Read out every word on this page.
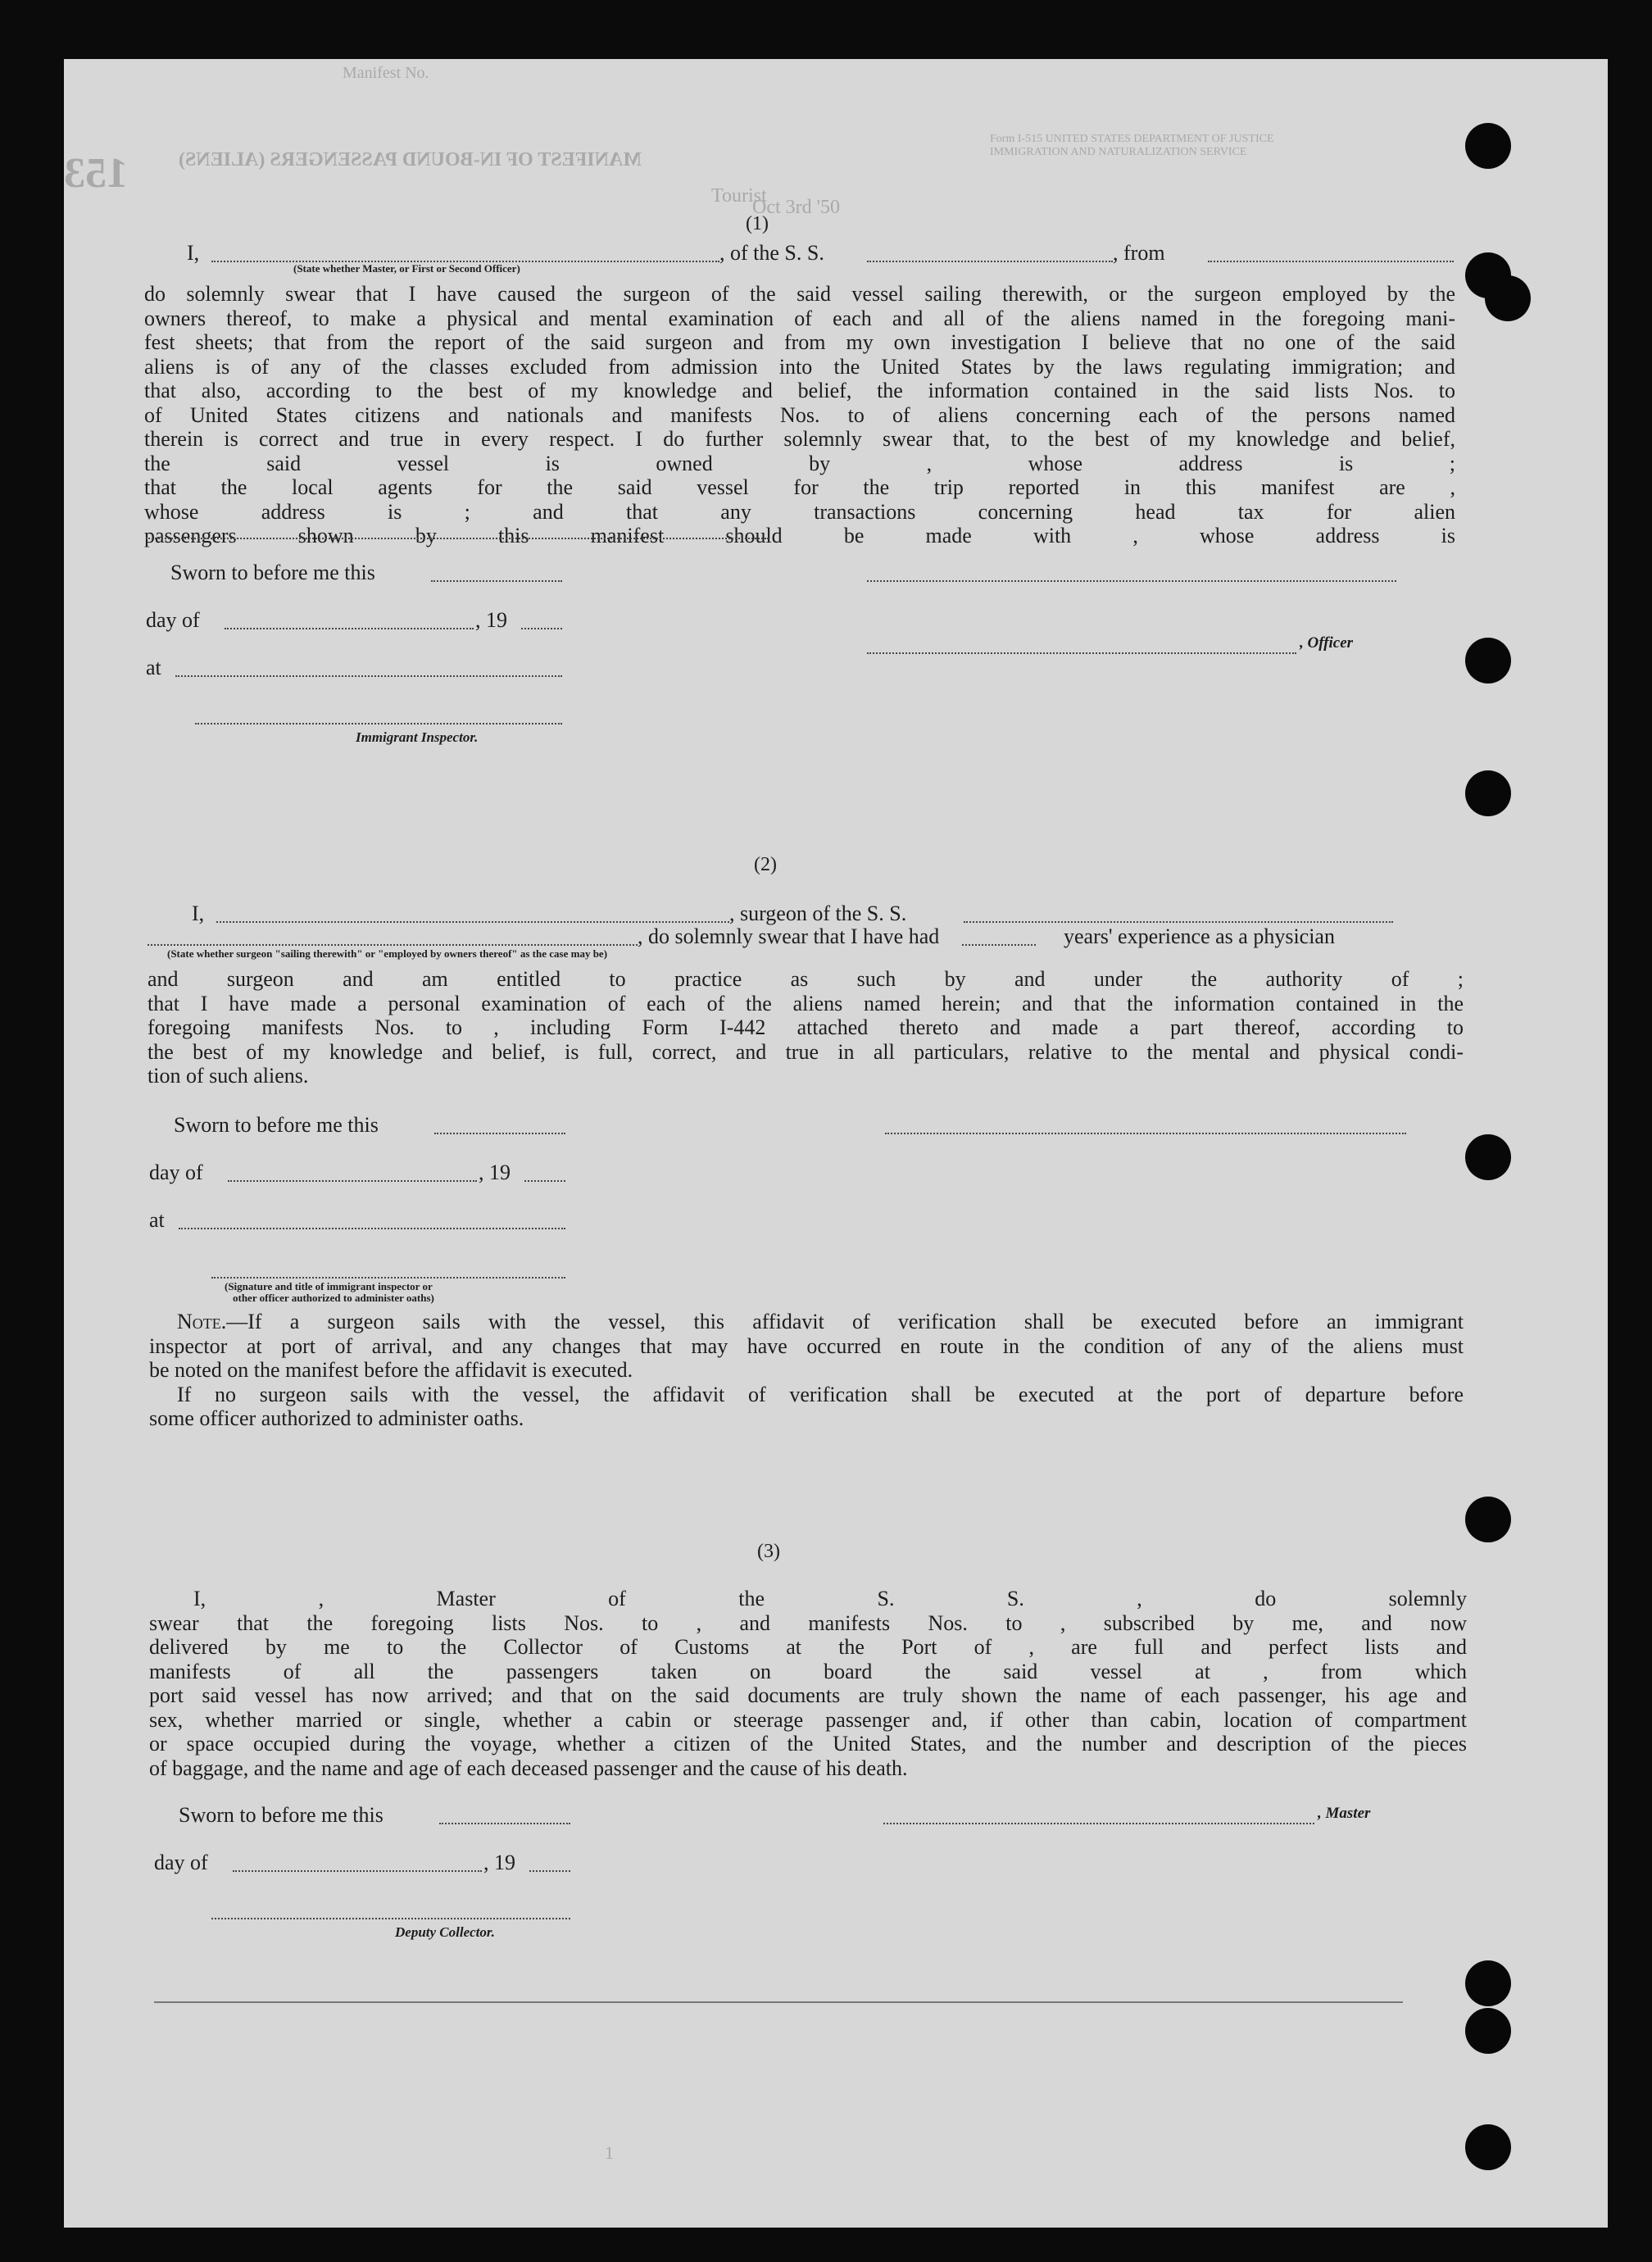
Manifest No.
153	MANIFEST OF IN-BOUND PASSENGERS (ALIENS)
Tourist
Oct 3rd '50
Form I-515 UNITED STATES DEPARTMENT OF JUSTICE IMMIGRATION AND NATURALIZATION SERVICE
(1)
I,	, of the S. S.	, from
(State whether Master, or First or Second Officer)
do solemnly swear that I have caused the surgeon of the said vessel sailing therewith, or the surgeon employed by the
owners thereof, to make a physical and mental examination of each and all of the aliens named in the foregoing mani-
fest sheets; that from the report of the said surgeon and from my own investigation I believe that no one of the said
aliens is of any of the classes excluded from admission into the United States by the laws regulating immigration; and
that also, according to the best of my knowledge and belief, the information contained in the said lists Nos. to
of United States citizens and nationals and manifests Nos. to of aliens concerning each of the persons named
therein is correct and true in every respect. I do further solemnly swear that, to the best of my knowledge and belief,
the said vessel is owned by , whose address is ;
that the local agents for the said vessel for the trip reported in this manifest are ,
whose address is ; and that any transactions concerning head tax for alien
passengers shown by this manifest should be made with , whose address is
Sworn to before me this
day of	, 19
, Officer
at
Immigrant Inspector.
(2)
I,	, surgeon of the S. S.
, do solemnly swear that I have had	years' experience as a physician
(State whether surgeon "sailing therewith" or "employed by owners thereof" as the case may be)
and surgeon and am entitled to practice as such by and under the authority of ;
that I have made a personal examination of each of the aliens named herein; and that the information contained in the
foregoing manifests Nos. to , including Form I-442 attached thereto and made a part thereof, according to
the best of my knowledge and belief, is full, correct, and true in all particulars, relative to the mental and physical condi-
tion of such aliens.
Sworn to before me this
day of	, 19
at
(Signature and title of immigrant inspector or
other officer authorized to administer oaths)
Note.—If a surgeon sails with the vessel, this affidavit of verification shall be executed before an immigrant
inspector at port of arrival, and any changes that may have occurred en route in the condition of any of the aliens must
be noted on the manifest before the affidavit is executed.
If no surgeon sails with the vessel, the affidavit of verification shall be executed at the port of departure before
some officer authorized to administer oaths.
(3)
I, , Master of the S. S. , do solemnly
swear that the foregoing lists Nos. to , and manifests Nos. to , subscribed by me, and now
delivered by me to the Collector of Customs at the Port of , are full and perfect lists and
manifests of all the passengers taken on board the said vessel at , from which
port said vessel has now arrived; and that on the said documents are truly shown the name of each passenger, his age and
sex, whether married or single, whether a cabin or steerage passenger and, if other than cabin, location of compartment
or space occupied during the voyage, whether a citizen of the United States, and the number and description of the pieces
of baggage, and the name and age of each deceased passenger and the cause of his death.
Sworn to before me this	, Master
day of	, 19
Deputy Collector.
1
